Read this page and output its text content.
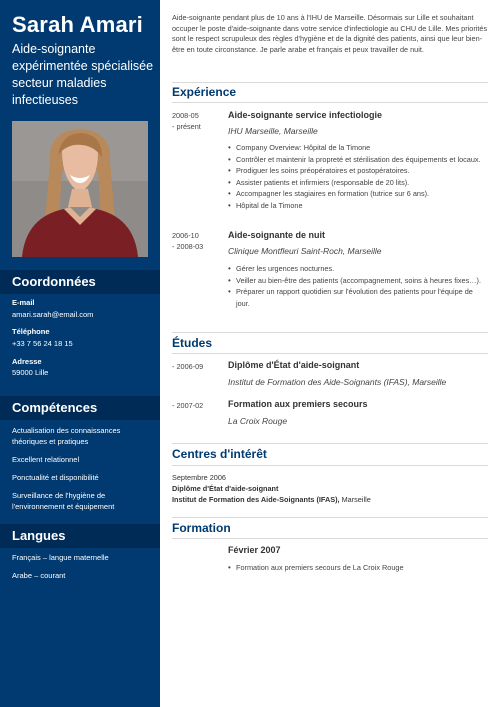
Sarah Amari
Aide-soignante expérimentée spécialisée secteur maladies infectieuses
Coordonnées
E-mail
amari.sarah@email.com
Téléphone
+33 7 56 24 18 15
Adresse
59000 Lille
Compétences
Actualisation des connaissances théoriques et pratiques
Excellent relationnel
Ponctualité et disponibilité
Surveillance de l'hygiène de l'environnement et équipement
Langues
Français – langue maternelle
Arabe – courant
Aide-soignante pendant plus de 10 ans à l'IHU de Marseille. Désormais sur Lille et souhaitant occuper le poste d'aide-soignante dans votre service d'infectiologie au CHU de Lille. Mes priorités sont le respect scrupuleux des règles d'hygiène et de la dignité des patients, ainsi que leur bien-être en toute circonstance. Je parle arabe et français et peux travailler de nuit.
Expérience
2008-05
- présent
Aide-soignante service infectiologie
IHU Marseille, Marseille
• Company Overview: Hôpital de la Timone
• Contrôler et maintenir la propreté et stérilisation des équipements et locaux.
• Prodiguer les soins préopératoires et postopératoires.
• Assister patients et infirmiers (responsable de 20 lits).
• Accompagner les stagiaires en formation (tutrice sur 6 ans).
• Hôpital de la Timone
2006-10
- 2008-03
Aide-soignante de nuit
Clinique Montfleuri Saint-Roch, Marseille
• Gérer les urgences nocturnes.
• Veiller au bien-être des patients (accompagnement, soins à heures fixes…).
• Préparer un rapport quotidien sur l'évolution des patients pour l'équipe de jour.
Études
- 2006-09	Diplôme d'État d'aide-soignant
Institut de Formation des Aide-Soignants (IFAS), Marseille
- 2007-02	Formation aux premiers secours
La Croix Rouge
Centres d'intérêt
Septembre 2006
Diplôme d'État d'aide-soignant
Institut de Formation des Aide-Soignants (IFAS), Marseille
Formation
Février 2007
• Formation aux premiers secours de La Croix Rouge
